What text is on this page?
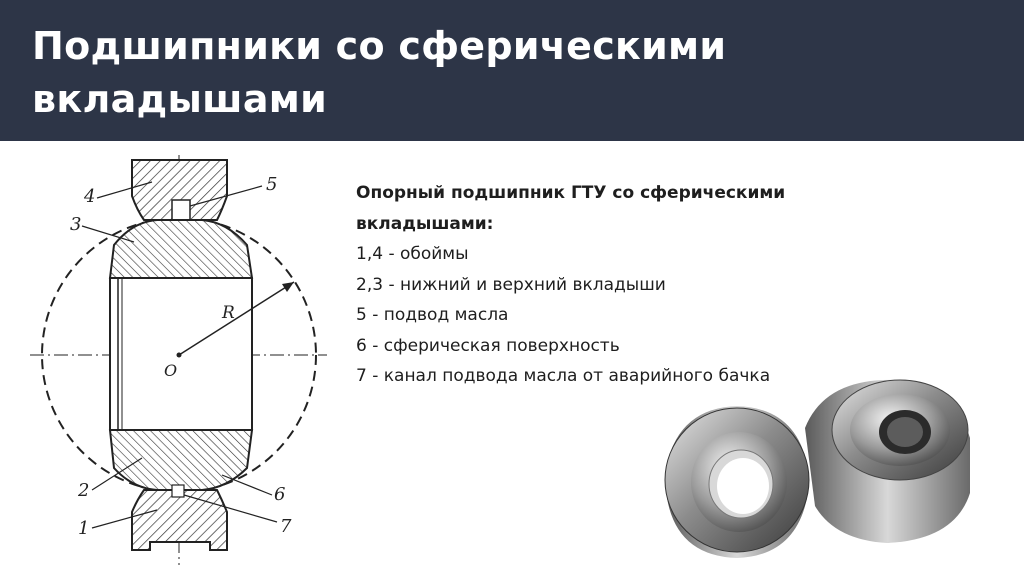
Подшипники со сферическими вкладышами
4
3
5
R
O
2
1
6
7
Опорный подшипник ГТУ со сферическими вкладышами:
1,4 - обоймы
2,3 - нижний и верхний вкладыши
5 - подвод масла
6 - сферическая поверхность
7 - канал подвода масла от аварийного бачка
